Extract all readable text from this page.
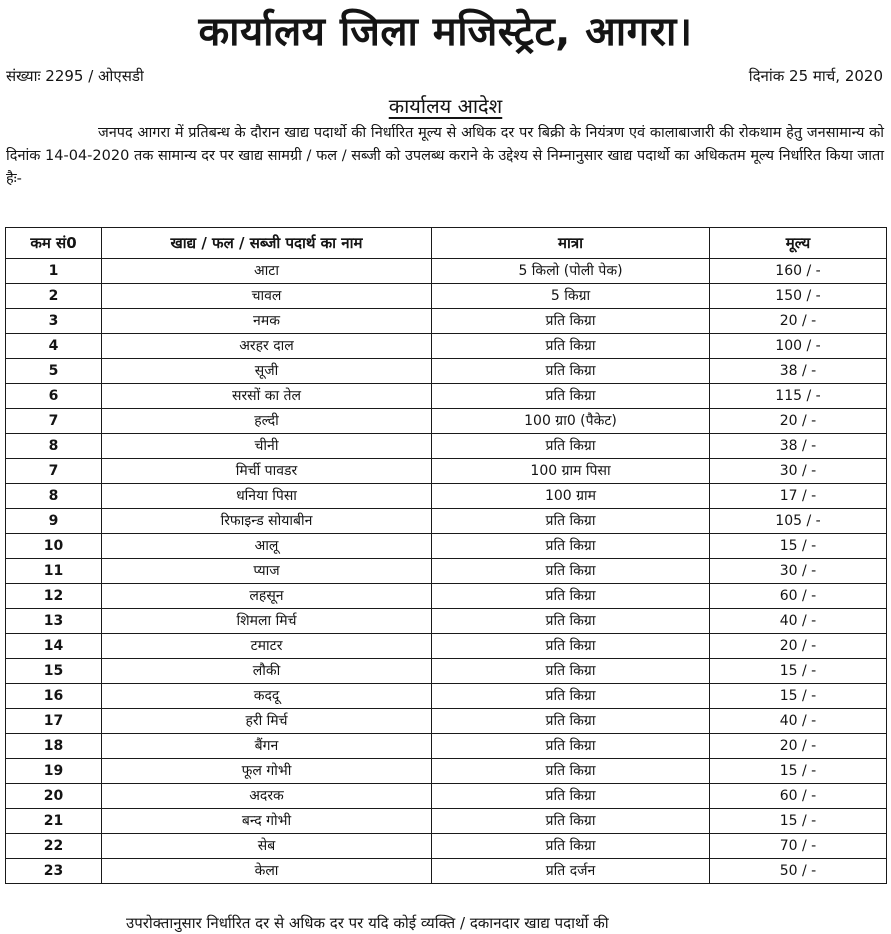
कार्यालय जिला मजिस्ट्रेट, आगरा।
संख्याः 2295 / ओएसडी	दिनांक 25 मार्च, 2020
कार्यालय आदेश
जनपद आगरा में प्रतिबन्ध के दौरान खाद्य पदार्थो की निर्धारित मूल्य से अधिक दर पर बिक्री के नियंत्रण एवं कालाबाजारी की रोकथाम हेतु जनसामान्य को दिनांक 14-04-2020 तक सामान्य दर पर खाद्य सामग्री / फल / सब्जी को उपलब्ध कराने के उद्देश्य से निम्नानुसार खाद्य पदार्थो का अधिकतम मूल्य निर्धारित किया जाता हैः-
कम सं0	खाद्य / फल / सब्जी पदार्थ का नाम	मात्रा	मूल्य
1	आटा	5 किलो (पोली पेक)	160 / -
2	चावल	5 किग्रा	150 / -
3	नमक	प्रति किग्रा	20 / -
4	अरहर दाल	प्रति किग्रा	100 / -
5	सूजी	प्रति किग्रा	38 / -
6	सरसों का तेल	प्रति किग्रा	115 / -
7	हल्दी	100 ग्रा0 (पैकेट)	20 / -
8	चीनी	प्रति किग्रा	38 / -
7	मिर्ची पावडर	100 ग्राम पिसा	30 / -
8	धनिया पिसा	100 ग्राम	17 / -
9	रिफाइन्ड सोयाबीन	प्रति किग्रा	105 / -
10	आलू	प्रति किग्रा	15 / -
11	प्याज	प्रति किग्रा	30 / -
12	लहसून	प्रति किग्रा	60 / -
13	शिमला मिर्च	प्रति किग्रा	40 / -
14	टमाटर	प्रति किग्रा	20 / -
15	लौकी	प्रति किग्रा	15 / -
16	कददू	प्रति किग्रा	15 / -
17	हरी मिर्च	प्रति किग्रा	40 / -
18	बैंगन	प्रति किग्रा	20 / -
19	फूल गोभी	प्रति किग्रा	15 / -
20	अदरक	प्रति किग्रा	60 / -
21	बन्द गोभी	प्रति किग्रा	15 / -
22	सेब	प्रति किग्रा	70 / -
23	केला	प्रति दर्जन	50 / -
उपरोक्तानुसार निर्धारित दर से अधिक दर पर यदि कोई व्यक्ति / दकानदार खाद्य पदार्थो की
